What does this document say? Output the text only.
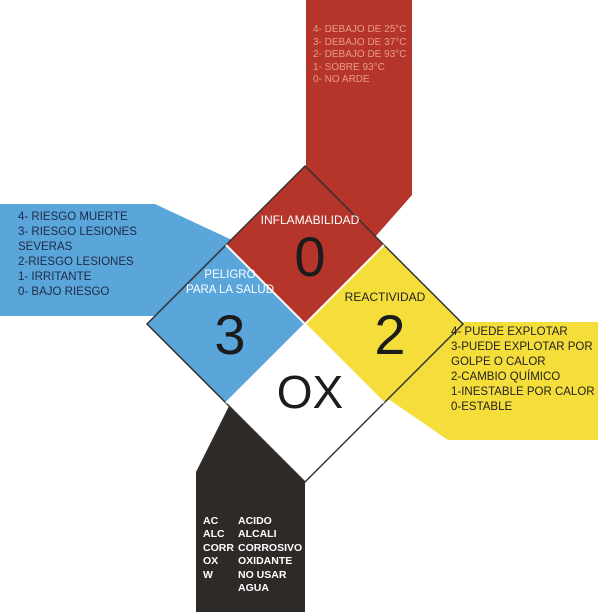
INFLAMABILIDAD

PELIGRO
PARA LA SALUD	REACTIVIDAD

0

3	2

OX

4- DEBAJO DE 25°C
3- DEBAJO DE 37°C
2- DEBAJO DE 93°C
1- SOBRE 93°C
0- NO ARDE
4- RIESGO MUERTE
3- RIESGO LESIONES
SEVERAS
2-RIESGO LESIONES
1- IRRITANTE
0- BAJO RIESGO
4- PUEDE EXPLOTAR
3-PUEDE EXPLOTAR POR
GOLPE O CALOR
2-CAMBIO QUÍMICO
1-INESTABLE POR CALOR
0-ESTABLE
AC
ALC
CORR
OX
W
ACIDO
ALCALI
CORROSIVO
OXIDANTE
NO USAR
AGUA
